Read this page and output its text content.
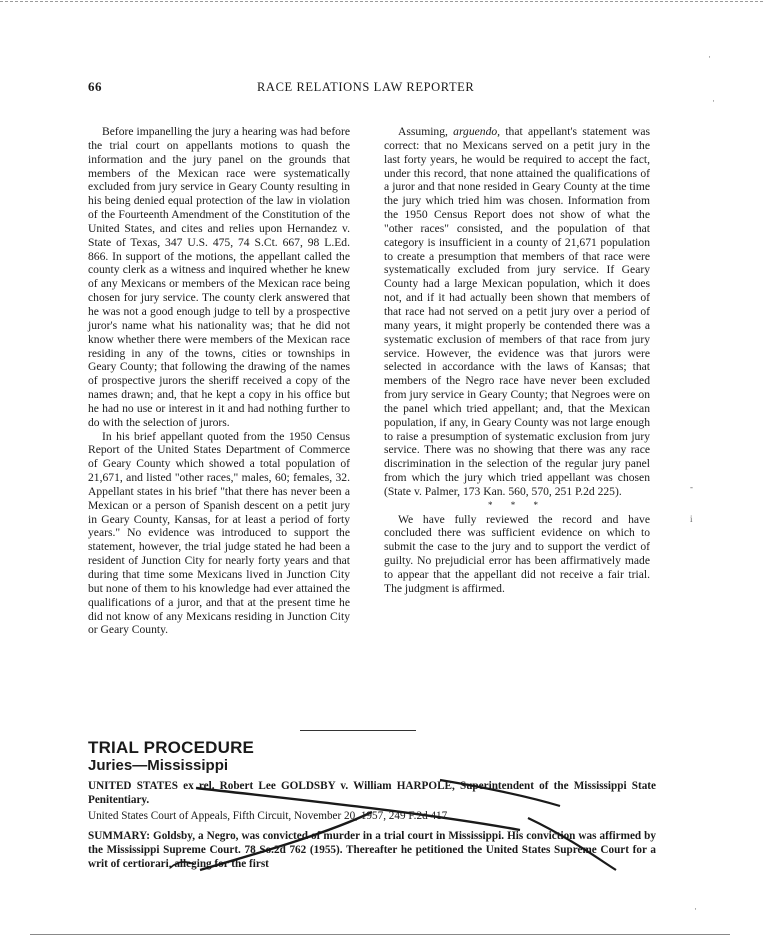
66	RACE RELATIONS LAW REPORTER

Before impanelling the jury a hearing was had before the trial court on appellants motions to quash the information and the jury panel on the grounds that members of the Mexican race were systematically excluded from jury service in Geary County resulting in his being denied equal protection of the law in violation of the Fourteenth Amendment of the Constitution of the United States, and cites and relies upon Hernandez v. State of Texas, 347 U.S. 475, 74 S.Ct. 667, 98 L.Ed. 866. In support of the motions, the appellant called the county clerk as a witness and inquired whether he knew of any Mexicans or members of the Mexican race being chosen for jury service. The county clerk answered that he was not a good enough judge to tell by a prospective juror's name what his nationality was; that he did not know whether there were members of the Mexican race residing in any of the towns, cities or townships in Geary County; that following the drawing of the names of prospective jurors the sheriff received a copy of the names drawn; and, that he kept a copy in his office but he had no use or interest in it and had nothing further to do with the selection of jurors.

In his brief appellant quoted from the 1950 Census Report of the United States Department of Commerce of Geary County which showed a total population of 21,671, and listed "other races," males, 60; females, 32. Appellant states in his brief "that there has never been a Mexican or a person of Spanish descent on a petit jury in Geary County, Kansas, for at least a period of forty years." No evidence was introduced to support the statement, however, the trial judge stated he had been a resident of Junction City for nearly forty years and that during that time some Mexicans lived in Junction City but none of them to his knowledge had ever attained the qualifications of a juror, and that at the present time he did not know of any Mexicans residing in Junction City or Geary County.

Assuming, arguendo, that appellant's statement was correct: that no Mexicans served on a petit jury in the last forty years, he would be required to accept the fact, under this record, that none attained the qualifications of a juror and that none resided in Geary County at the time the jury which tried him was chosen. Information from the 1950 Census Report does not show of what the "other races" consisted, and the population of that category is insufficient in a county of 21,671 population to create a presumption that members of that race were systematically excluded from jury service. If Geary County had a large Mexican population, which it does not, and if it had actually been shown that members of that race had not served on a petit jury over a period of many years, it might properly be contended there was a systematic exclusion of members of that race from jury service. However, the evidence was that jurors were selected in accordance with the laws of Kansas; that members of the Negro race have never been excluded from jury service in Geary County; that Negroes were on the panel which tried appellant; and, that the Mexican population, if any, in Geary County was not large enough to raise a presumption of systematic exclusion from jury service. There was no showing that there was any race discrimination in the selection of the regular jury panel from which the jury which tried appellant was chosen (State v. Palmer, 173 Kan. 560, 570, 251 P.2d 225).

* * *

We have fully reviewed the record and have concluded there was sufficient evidence on which to submit the case to the jury and to support the verdict of guilty. No prejudicial error has been affirmatively made to appear that the appellant did not receive a fair trial. The judgment is affirmed.

TRIAL PROCEDURE
Juries—Mississippi
UNITED STATES ex rel. Robert Lee GOLDSBY v. William HARPOLE, Superintendent of the Mississippi State Penitentiary.
United States Court of Appeals, Fifth Circuit, November 20, 1957, 249 F.2d 417.
SUMMARY: Goldsby, a Negro, was convicted of murder in a trial court in Mississippi. His conviction was affirmed by the Mississippi Supreme Court. 78 So.2d 762 (1955). Thereafter he petitioned the United States Supreme Court for a writ of certiorari, alleging for the first
·
·
-
i
·
